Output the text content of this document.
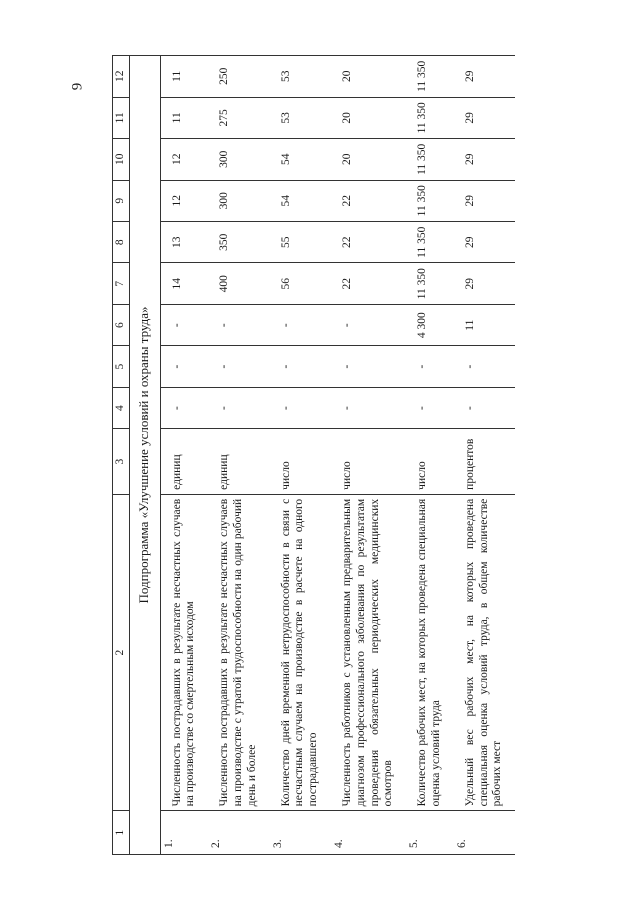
9
1	2	3	4	5	6	7	8	9	10	11	12
Подпрограмма «Улучшение условий и охраны труда»											
1.	Численность пострадавших в результате несчастных случаев на производстве со смертельным исходом	единиц	-	-	-	14	13	12	12	11	11
2.	Численность пострадавших в результате несчастных случаев на производстве с утратой трудоспособности на один рабочий день и более	единиц	-	-	-	400	350	300	300	275	250
3.	Количество дней временной нетрудоспособности в связи с несчастным случаем на производстве в расчете на одного пострадавшего	число	-	-	-	56	55	54	54	53	53
4.	Численность работников с установленным предварительным диагнозом профессионального заболевания по результатам проведения обязательных периодических медицинских осмотров	число	-	-	-	22	22	22	20	20	20
5.	Количество рабочих мест, на которых проведена специальная оценка условий труда	число	-	-	4 300	11 350	11 350	11 350	11 350	11 350	11 350
6.	Удельный вес рабочих мест, на которых проведена специальная оценка условий труда, в общем количестве рабочих мест	процентов	-	-	11	29	29	29	29	29	29
